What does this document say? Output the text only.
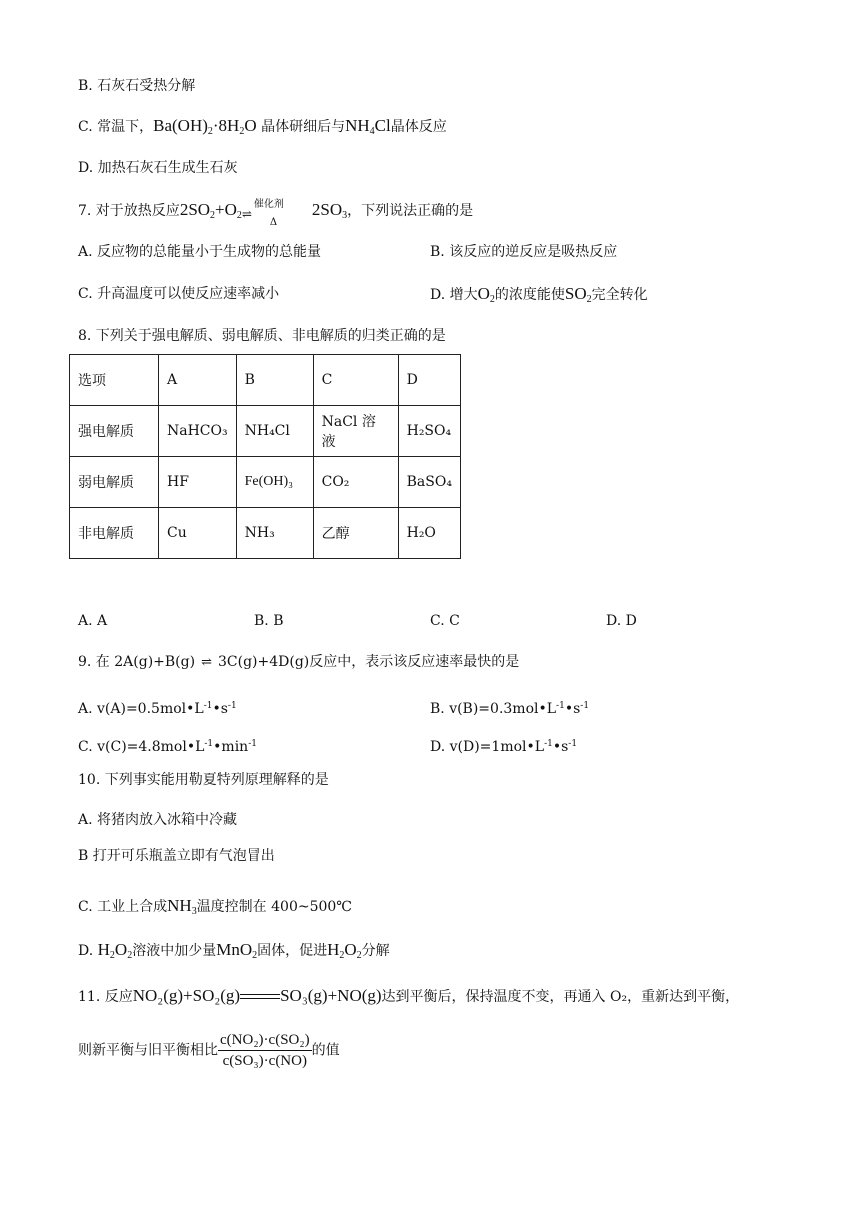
B. 石灰石受热分解
C. 常温下，$Ba(OH)_2\cdot 8H_2O$ 晶体研细后与$NH_4Cl$晶体反应
D. 加热石灰石生成生石灰
7. 对于放热反应$2SO_2+O_2$ ⇌
催化剂
Δ
$2SO_3$，下列说法正确的是
A. 反应物的总能量小于生成物的总能量	B. 该反应的逆反应是吸热反应
C. 升高温度可以使反应速率减小	D. 增大$O_2$的浓度能使$SO_2$完全转化
8. 下列关于强电解质、弱电解质、非电解质的归类正确的是
选项	A	B	C	D
强电解质	NaHCO₃	NH₄Cl	NaCl 溶液	H₂SO₄
弱电解质	HF	Fe(OH)₃	CO₂	BaSO₄
非电解质	Cu	NH₃	乙醇	H₂O
A. A	B. B	C. C	D. D
9. 在 2A(g)+B(g) ⇌ 3C(g)+4D(g)反应中，表示该反应速率最快的是
A. $v(A)=0.5mol•L^{-1}•s^{-1}$	B. $v(B)=0.3mol•L^{-1}•s^{-1}$
C. $v(C)=4.8mol•L^{-1}•\min^{-1}$	D. $v(D)=1mol•L^{-1}•s^{-1}$
10. 下列事实能用勒夏特列原理解释的是
A. 将猪肉放入冰箱中冷藏
B 打开可乐瓶盖立即有气泡冒出
C. 工业上合成$NH_3$温度控制在 400~500℃
D. $H_2O_2$溶液中加少量MnO$_2$固体，促进$H_2O_2$分解
11. 反应NO₂(g)+SO₂(g) SO₃(g)+NO(g)达到平衡后，保持温度不变，再通入 O₂，重新达到平衡，
则新平衡与旧平衡相比 $\frac{\text{c(NO₂)·c(SO₂)}}{\text{c(SO₃)·c(NO)}}$ 的值
